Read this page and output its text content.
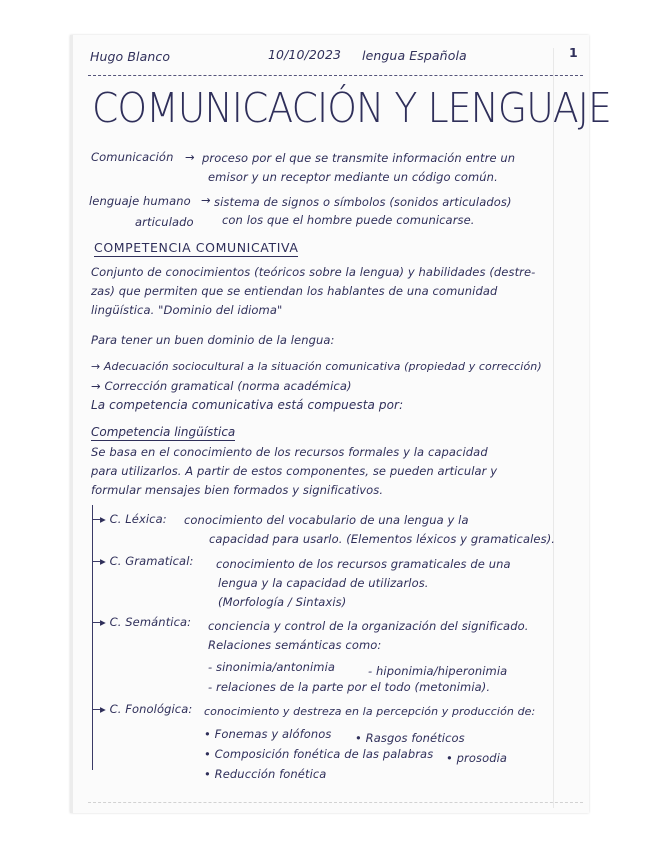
Hugo Blanco	10/10/2023 lengua Española	1
COMUNICACIÓN Y LENGUAJE
Comunicación → proceso por el que se transmite información entre un
emisor y un receptor mediante un código común.
lenguaje humano → sistema de signos o símbolos (sonidos articulados)
articulado con los que el hombre puede comunicarse.
COMPETENCIA COMUNICATIVA
Conjunto de conocimientos (teóricos sobre la lengua) y habilidades (destre-
zas) que permiten que se entiendan los hablantes de una comunidad
lingüística. "Dominio del idioma"
Para tener un buen dominio de la lengua:
→ Adecuación sociocultural a la situación comunicativa (propiedad y corrección)
→ Corrección gramatical (norma académica)
La competencia comunicativa está compuesta por:
Competencia lingüística
Se basa en el conocimiento de los recursos formales y la capacidad
para utilizarlos. A partir de estos componentes, se pueden articular y
formular mensajes bien formados y significativos.
▸ C. Léxica: conocimiento del vocabulario de una lengua y la
capacidad para usarlo. (Elementos léxicos y gramaticales).
▸ C. Gramatical: conocimiento de los recursos gramaticales de una
lengua y la capacidad de utilizarlos.
(Morfología / Sintaxis)
▸ C. Semántica: conciencia y control de la organización del significado.
Relaciones semánticas como:
- sinonimia/antonimia	- hiponimia/hiperonimia
- relaciones de la parte por el todo (metonimia).
▸ C. Fonológica: conocimiento y destreza en la percepción y producción de:
• Fonemas y alófonos • Rasgos fonéticos
• Composición fonética de las palabras • prosodia
• Reducción fonética
